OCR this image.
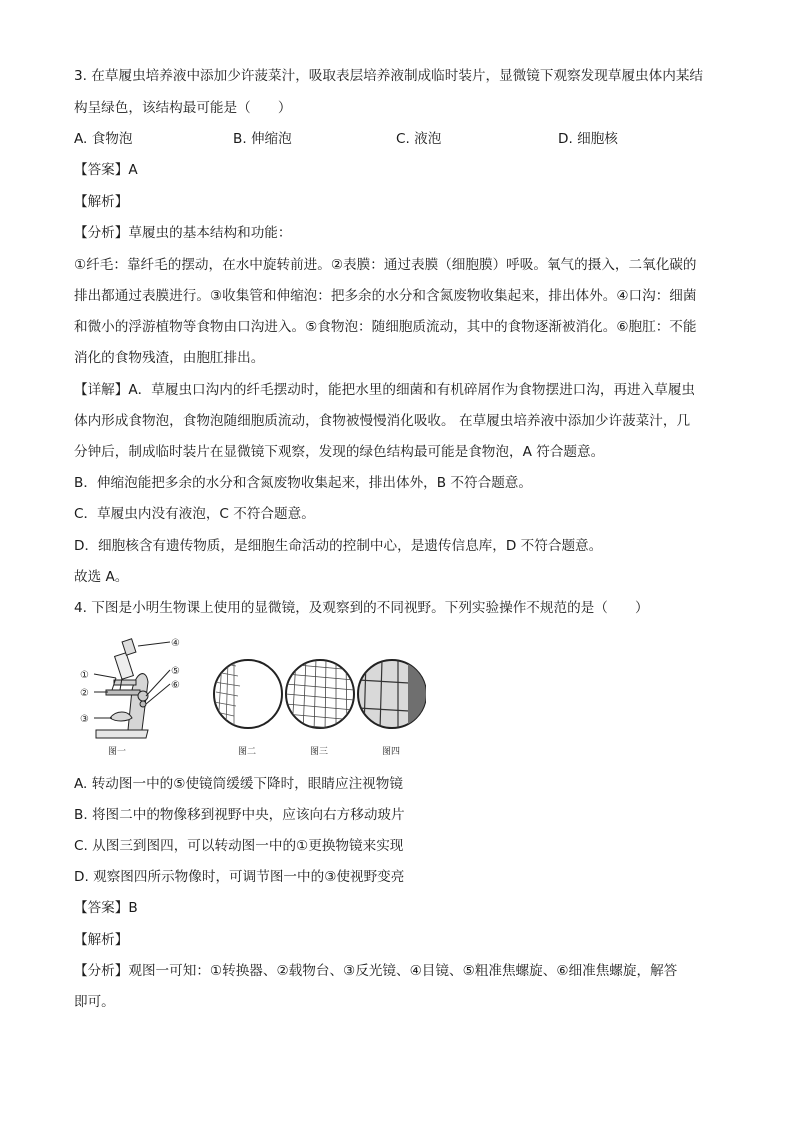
3. 在草履虫培养液中添加少许菠菜汁，吸取表层培养液制成临时装片，显微镜下观察发现草履虫体内某结
构呈绿色，该结构最可能是（　　）
A. 食物泡	B. 伸缩泡	C. 液泡	D. 细胞核
【答案】A
【解析】
【分析】草履虫的基本结构和功能：
①纤毛：靠纤毛的摆动，在水中旋转前进。②表膜：通过表膜（细胞膜）呼吸。氧气的摄入，二氧化碳的
排出都通过表膜进行。③收集管和伸缩泡：把多余的水分和含氮废物收集起来，排出体外。④口沟：细菌
和微小的浮游植物等食物由口沟进入。⑤食物泡：随细胞质流动，其中的食物逐渐被消化。⑥胞肛：不能
消化的食物残渣，由胞肛排出。
【详解】A．草履虫口沟内的纤毛摆动时，能把水里的细菌和有机碎屑作为食物摆进口沟，再进入草履虫
体内形成食物泡，食物泡随细胞质流动，食物被慢慢消化吸收。 在草履虫培养液中添加少许菠菜汁，几
分钟后，制成临时装片在显微镜下观察，发现的绿色结构最可能是食物泡，A 符合题意。
B．伸缩泡能把多余的水分和含氮废物收集起来，排出体外，B 不符合题意。
C．草履虫内没有液泡，C 不符合题意。
D．细胞核含有遗传物质，是细胞生命活动的控制中心，是遗传信息库，D 不符合题意。
故选 A。
4. 下图是小明生物课上使用的显微镜，及观察到的不同视野。下列实验操作不规范的是（　　）
④
⑤
⑥
①
②
③
图一	图二	图三	图四
A. 转动图一中的⑤使镜筒缓缓下降时，眼睛应注视物镜
B. 将图二中的物像移到视野中央，应该向右方移动玻片
C. 从图三到图四，可以转动图一中的①更换物镜来实现
D. 观察图四所示物像时，可调节图一中的③使视野变亮
【答案】B
【解析】
【分析】观图一可知：①转换器、②载物台、③反光镜、④目镜、⑤粗准焦螺旋、⑥细准焦螺旋，解答
即可。
